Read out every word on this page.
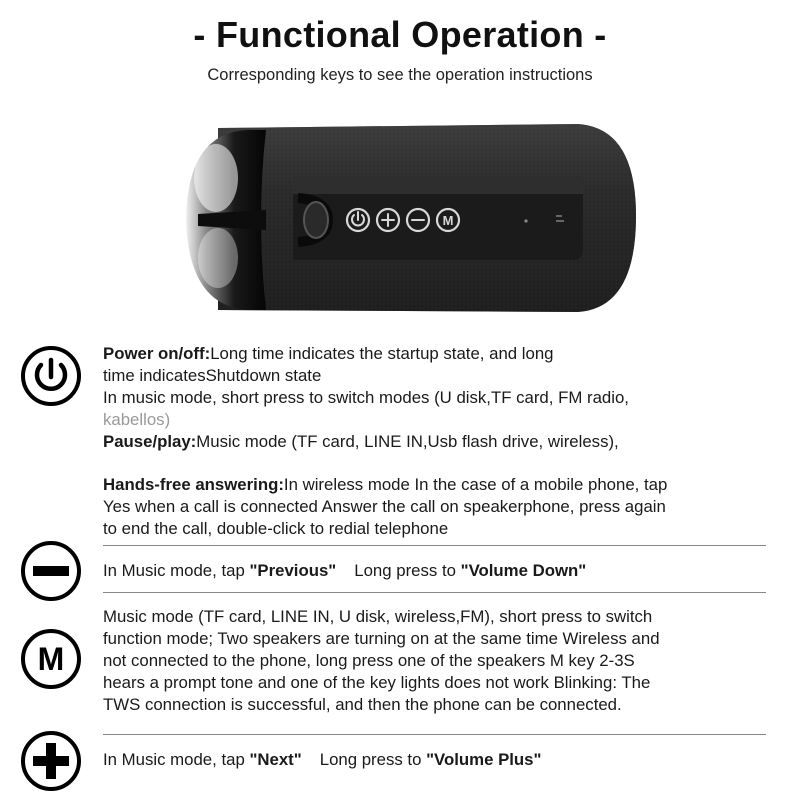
- Functional Operation -
Corresponding keys to see the operation instructions
M
Power on/off:Long time indicates the startup state, and long
time indicatesShutdown state
In music mode, short press to switch modes (U disk,TF card, FM radio,
kabellos)
Pause/play:Music mode (TF card, LINE IN,Usb flash drive, wireless),
Hands-free answering:In wireless mode In the case of a mobile phone, tap
Yes when a call is connected Answer the call on speakerphone, press again
to end the call, double-click to redial telephone
In Music mode, tap "Previous" Long press to "Volume Down"
M
Music mode (TF card, LINE IN, U disk, wireless,FM), short press to switch
function mode; Two speakers are turning on at the same time Wireless and
not connected to the phone, long press one of the speakers M key 2-3S
hears a prompt tone and one of the key lights does not work Blinking: The
TWS connection is successful, and then the phone can be connected.
In Music mode, tap "Next" Long press to "Volume Plus"
